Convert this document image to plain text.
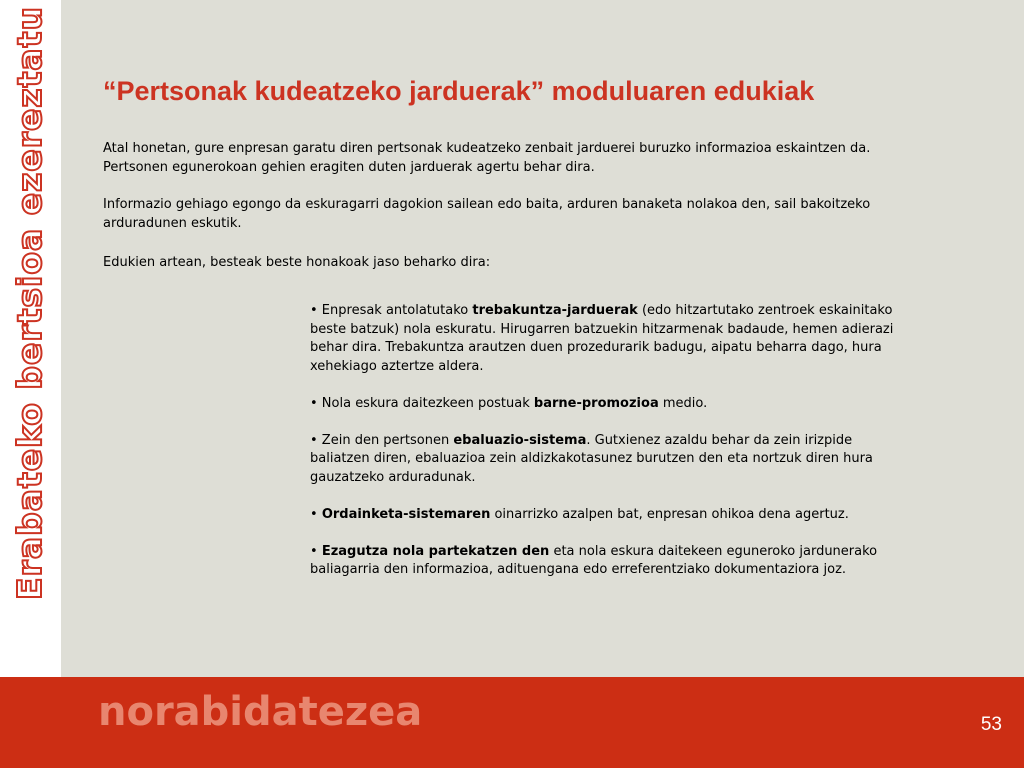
Erabateko bertsioa ezereztatu “Pertsonak kudeatzeko jarduerak” moduluaren edukiak
Atal honetan, gure enpresan garatu diren pertsonak kudeatzeko zenbait jarduerei buruzko informazioa eskaintzen da. Pertsonen egunerokoan gehien eragiten duten jarduerak agertu behar dira.
Informazio gehiago egongo da eskuragarri dagokion sailean edo baita, arduren banaketa nolakoa den, sail bakoitzeko arduradunen eskutik.
Edukien artean, besteak beste honakoak jaso beharko dira:
• Enpresak antolatutako trebakuntza-jarduerak (edo hitzartutako zentroek eskainitako beste batzuk) nola eskuratu. Hirugarren batzuekin hitzarmenak badaude, hemen adierazi behar dira. Trebakuntza arautzen duen prozedurarik badugu, aipatu beharra dago, hura xehekiago aztertze aldera.
• Nola eskura daitezkeen postuak barne-promozioa medio.
• Zein den pertsonen ebaluazio-sistema. Gutxienez azaldu behar da zein irizpide baliatzen diren, ebaluazioa zein aldizkakotasunez burutzen den eta nortzuk diren hura gauzatzeko arduradunak.
• Ordainketa-sistemaren oinarrizko azalpen bat, enpresan ohikoa dena agertuz.
• Ezagutza nola partekatzen den eta nola eskura daitekeen eguneroko jardunerako baliagarria den informazioa, adituengana edo erreferentziako dokumentaziora joz.
norabidatezea	53
